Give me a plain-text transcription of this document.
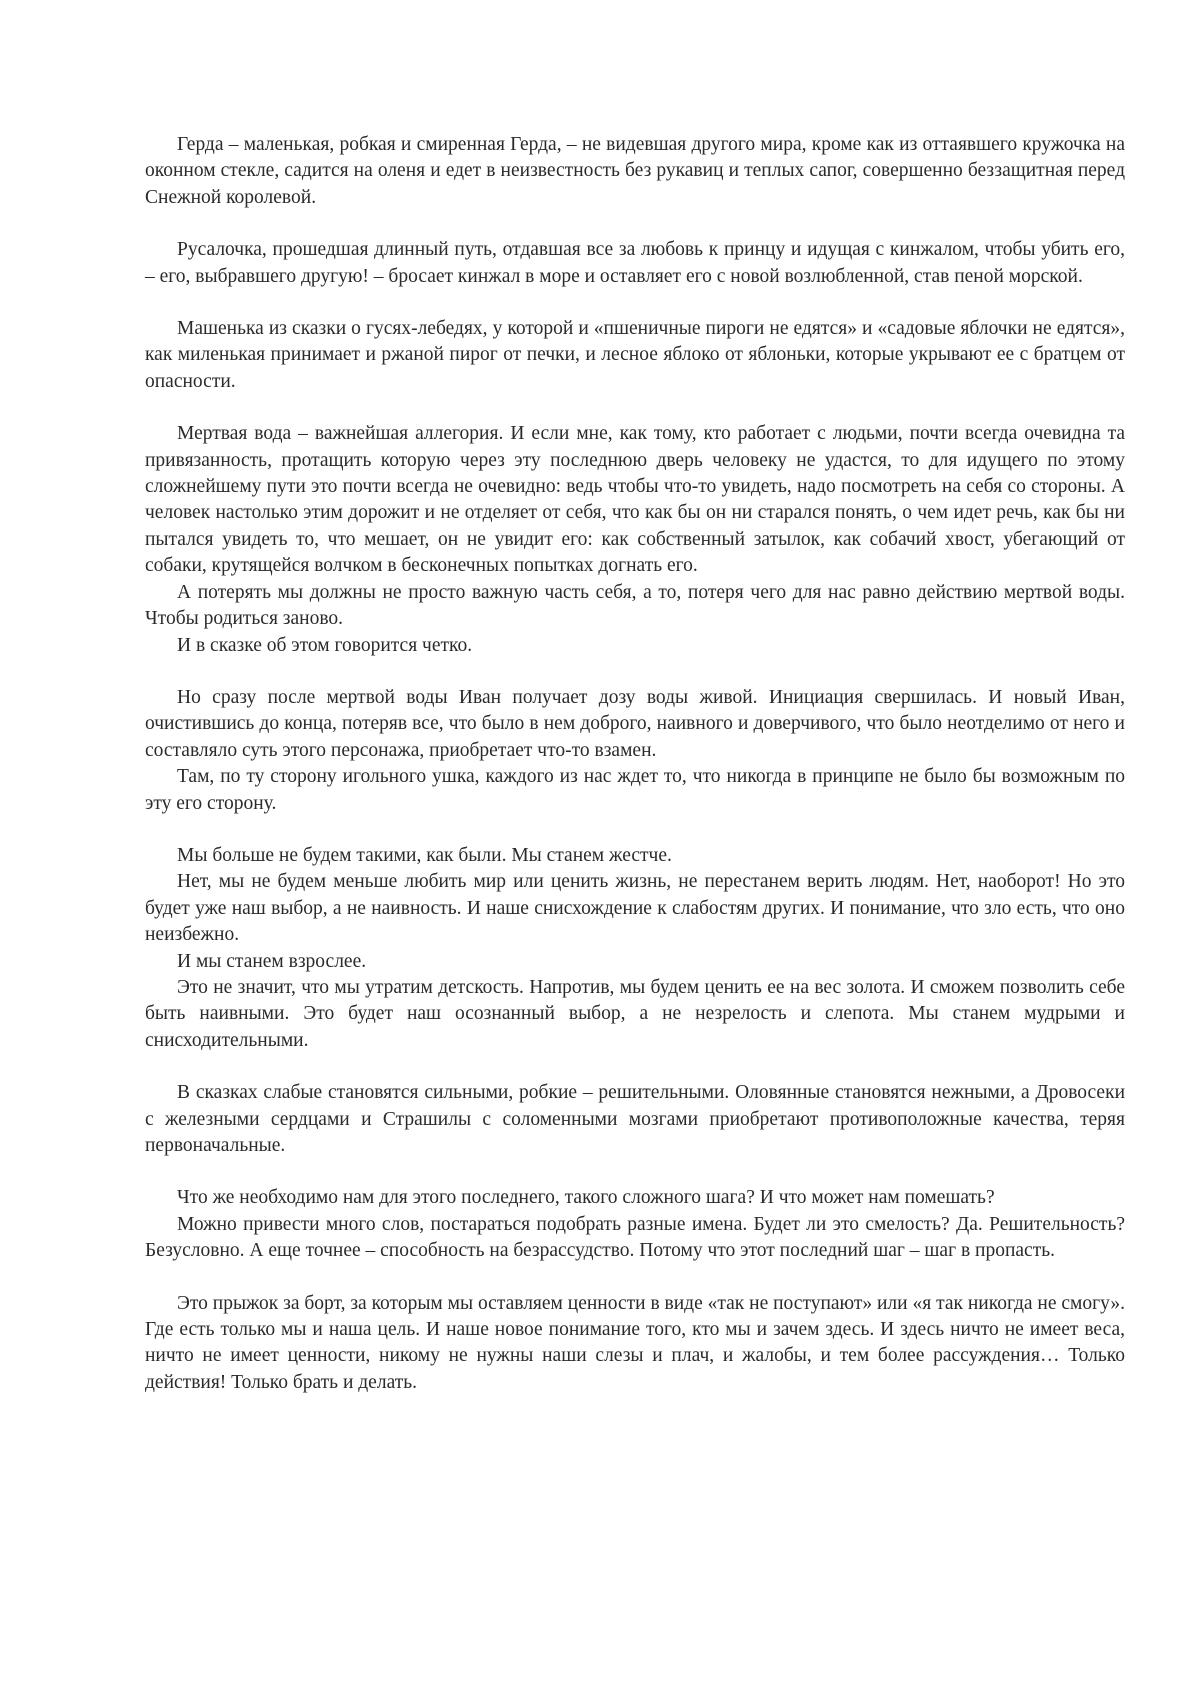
Герда – маленькая, робкая и смиренная Герда, – не видевшая другого мира, кроме как из оттаявшего кружочка на оконном стекле, садится на оленя и едет в неизвестность без рукавиц и теплых сапог, совершенно беззащитная перед Снежной королевой.

Русалочка, прошедшая длинный путь, отдавшая все за любовь к принцу и идущая с кинжалом, чтобы убить его, – его, выбравшего другую! – бросает кинжал в море и оставляет его с новой возлюбленной, став пеной морской.

Машенька из сказки о гусях-лебедях, у которой и «пшеничные пироги не едятся» и «садовые яблочки не едятся», как миленькая принимает и ржаной пирог от печки, и лесное яблоко от яблоньки, которые укрывают ее с братцем от опасности.

Мертвая вода – важнейшая аллегория. И если мне, как тому, кто работает с людьми, почти всегда очевидна та привязанность, протащить которую через эту последнюю дверь человеку не удастся, то для идущего по этому сложнейшему пути это почти всегда не очевидно: ведь чтобы что-то увидеть, надо посмотреть на себя со стороны. А человек настолько этим дорожит и не отделяет от себя, что как бы он ни старался понять, о чем идет речь, как бы ни пытался увидеть то, что мешает, он не увидит его: как собственный затылок, как собачий хвост, убегающий от собаки, крутящейся волчком в бесконечных попытках догнать его.

А потерять мы должны не просто важную часть себя, а то, потеря чего для нас равно действию мертвой воды. Чтобы родиться заново.

И в сказке об этом говорится четко.

Но сразу после мертвой воды Иван получает дозу воды живой. Инициация свершилась. И новый Иван, очистившись до конца, потеряв все, что было в нем доброго, наивного и доверчивого, что было неотделимо от него и составляло суть этого персонажа, приобретает что-то взамен.

Там, по ту сторону игольного ушка, каждого из нас ждет то, что никогда в принципе не было бы возможным по эту его сторону.

Мы больше не будем такими, как были. Мы станем жестче.

Нет, мы не будем меньше любить мир или ценить жизнь, не перестанем верить людям. Нет, наоборот! Но это будет уже наш выбор, а не наивность. И наше снисхождение к слабостям других. И понимание, что зло есть, что оно неизбежно.

И мы станем взрослее.

Это не значит, что мы утратим детскость. Напротив, мы будем ценить ее на вес золота. И сможем позволить себе быть наивными. Это будет наш осознанный выбор, а не незрелость и слепота. Мы станем мудрыми и снисходительными.

В сказках слабые становятся сильными, робкие – решительными. Оловянные становятся нежными, а Дровосеки с железными сердцами и Страшилы с соломенными мозгами приобретают противоположные качества, теряя первоначальные.

Что же необходимо нам для этого последнего, такого сложного шага? И что может нам помешать?

Можно привести много слов, постараться подобрать разные имена. Будет ли это смелость? Да. Решительность? Безусловно. А еще точнее – способность на безрассудство. Потому что этот последний шаг – шаг в пропасть.

Это прыжок за борт, за которым мы оставляем ценности в виде «так не поступают» или «я так никогда не смогу». Где есть только мы и наша цель. И наше новое понимание того, кто мы и зачем здесь. И здесь ничто не имеет веса, ничто не имеет ценности, никому не нужны наши слезы и плач, и жалобы, и тем более рассуждения… Только действия! Только брать и делать.
